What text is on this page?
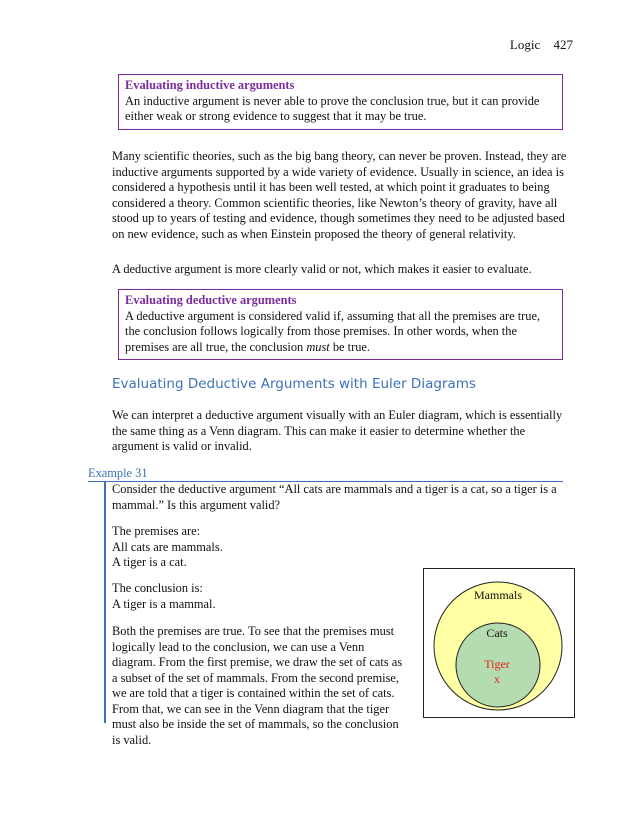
Logic 427
Evaluating inductive arguments
An inductive argument is never able to prove the conclusion true, but it can provide either weak or strong evidence to suggest that it may be true.
Many scientific theories, such as the big bang theory, can never be proven. Instead, they are inductive arguments supported by a wide variety of evidence. Usually in science, an idea is considered a hypothesis until it has been well tested, at which point it graduates to being considered a theory. Common scientific theories, like Newton’s theory of gravity, have all stood up to years of testing and evidence, though sometimes they need to be adjusted based on new evidence, such as when Einstein proposed the theory of general relativity.
A deductive argument is more clearly valid or not, which makes it easier to evaluate.
Evaluating deductive arguments
A deductive argument is considered valid if, assuming that all the premises are true, the conclusion follows logically from those premises. In other words, when the premises are all true, the conclusion must be true.
Evaluating Deductive Arguments with Euler Diagrams
We can interpret a deductive argument visually with an Euler diagram, which is essentially the same thing as a Venn diagram. This can make it easier to determine whether the argument is valid or invalid.
Example 31
Consider the deductive argument “All cats are mammals and a tiger is a cat, so a tiger is a mammal.” Is this argument valid?
The premises are:
All cats are mammals.
A tiger is a cat.
The conclusion is:
A tiger is a mammal.
Both the premises are true. To see that the premises must logically lead to the conclusion, we can use a Venn diagram. From the first premise, we draw the set of cats as a subset of the set of mammals. From the second premise, we are told that a tiger is contained within the set of cats. From that, we can see in the Venn diagram that the tiger must also be inside the set of mammals, so the conclusion is valid.
Mammals
Cats
Tiger
x
